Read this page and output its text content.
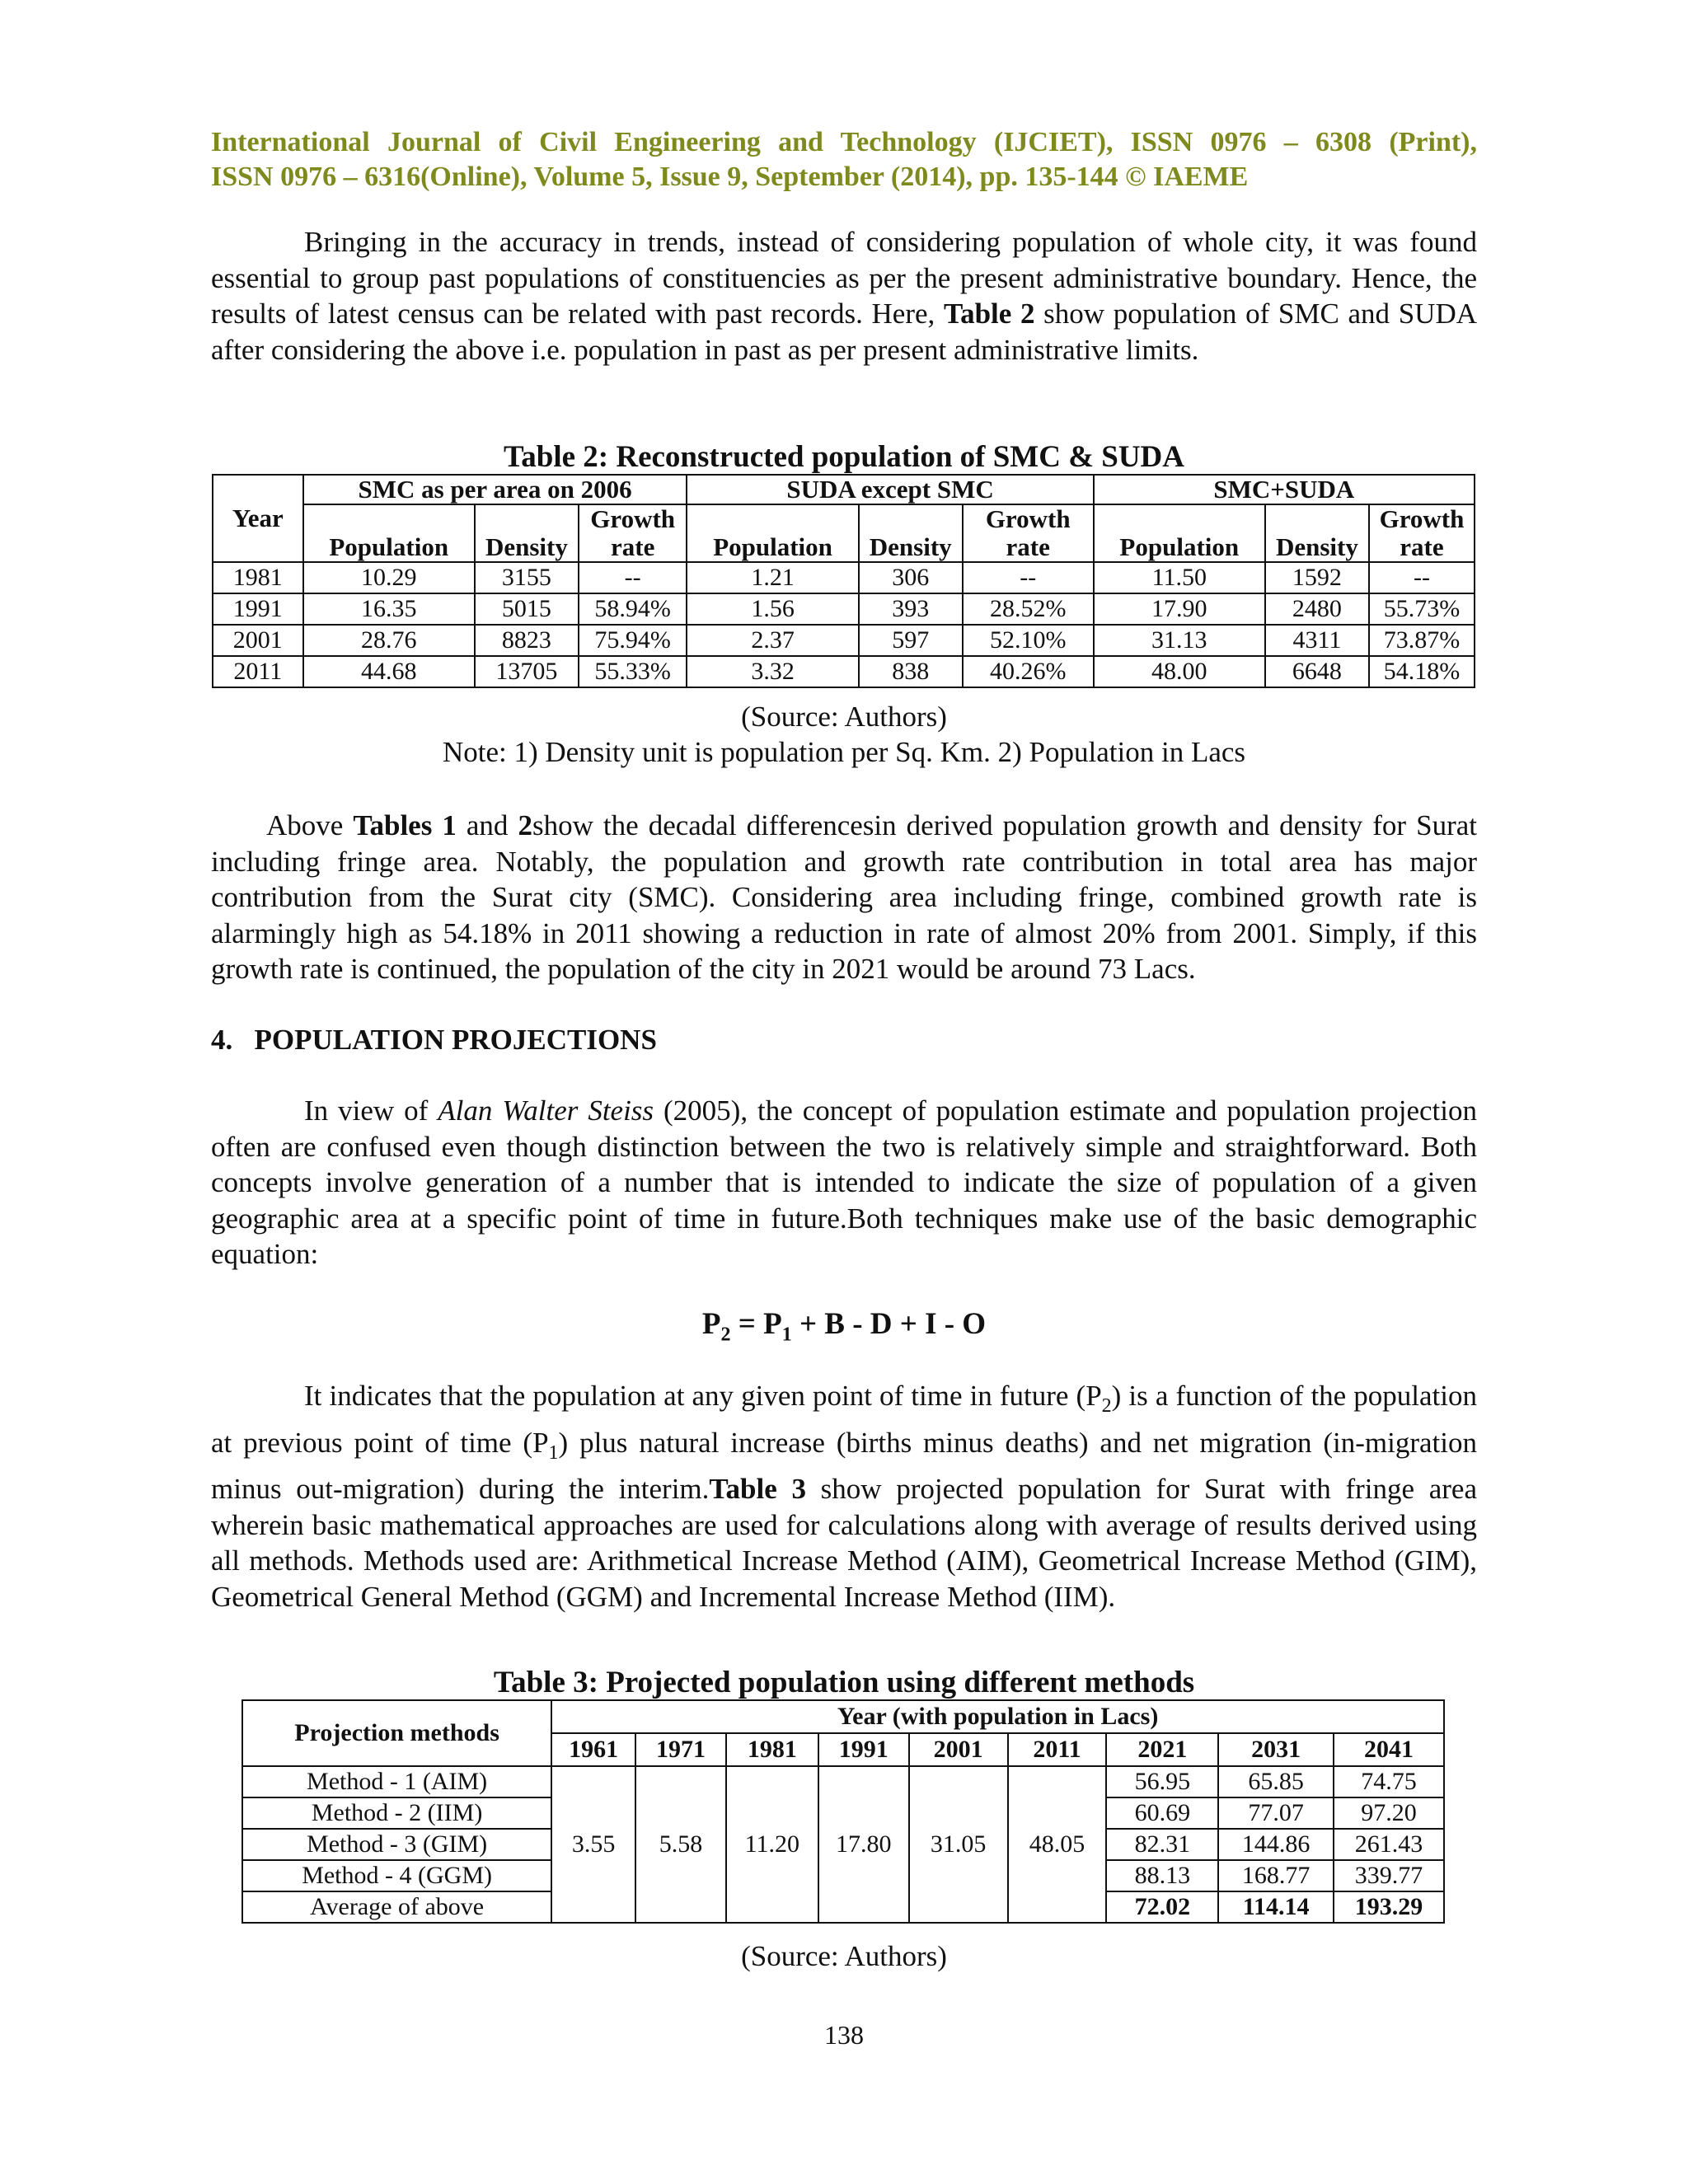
International Journal of Civil Engineering and Technology (IJCIET), ISSN 0976 – 6308 (Print),
ISSN 0976 – 6316(Online), Volume 5, Issue 9, September (2014), pp. 135-144 © IAEME
Bringing in the accuracy in trends, instead of considering population of whole city, it was found essential to group past populations of constituencies as per the present administrative boundary. Hence, the results of latest census can be related with past records. Here, Table 2 show population of SMC and SUDA after considering the above i.e. population in past as per present administrative limits.
Table 2: Reconstructed population of SMC & SUDA
Year	SMC as per area on 2006			SUDA except SMC			SMC+SUDA		
	Population	Density	Growth rate	Population	Density	Growth rate	Population	Density	Growth rate
1981	10.29	3155	--	1.21	306	--	11.50	1592	--
1991	16.35	5015	58.94%	1.56	393	28.52%	17.90	2480	55.73%
2001	28.76	8823	75.94%	2.37	597	52.10%	31.13	4311	73.87%
2011	44.68	13705	55.33%	3.32	838	40.26%	48.00	6648	54.18%
(Source: Authors)
Note: 1) Density unit is population per Sq. Km. 2) Population in Lacs
Above Tables 1 and 2show the decadal differencesin derived population growth and density for Surat including fringe area. Notably, the population and growth rate contribution in total area has major contribution from the Surat city (SMC). Considering area including fringe, combined growth rate is alarmingly high as 54.18% in 2011 showing a reduction in rate of almost 20% from 2001. Simply, if this growth rate is continued, the population of the city in 2021 would be around 73 Lacs.
4.   POPULATION PROJECTIONS
In view of Alan Walter Steiss (2005), the concept of population estimate and population projection often are confused even though distinction between the two is relatively simple and straightforward. Both concepts involve generation of a number that is intended to indicate the size of population of a given geographic area at a specific point of time in future.Both techniques make use of the basic demographic equation:
$P_2 = P_1 + B - D + I - O$
It indicates that the population at any given point of time in future $(P_2)$ is a function of the population at previous point of time $(P_1)$ plus natural increase (births minus deaths) and net migration (in-migration minus out-migration) during the interim.Table 3 show projected population for Surat with fringe area wherein basic mathematical approaches are used for calculations along with average of results derived using all methods. Methods used are: Arithmetical Increase Method (AIM), Geometrical Increase Method (GIM), Geometrical General Method (GGM) and Incremental Increase Method (IIM).
Table 3: Projected population using different methods
Projection methods	Year (with population in Lacs)								
	1961	1971	1981	1991	2001	2011	2021	2031	2041
Method - 1 (AIM)	3.55	5.58	11.20	17.80	31.05	48.05	56.95	65.85	74.75
Method - 2 (IIM)							60.69	77.07	97.20
Method - 3 (GIM)							82.31	144.86	261.43
Method - 4 (GGM)							88.13	168.77	339.77
Average of above							72.02	114.14	193.29
(Source: Authors)
138
